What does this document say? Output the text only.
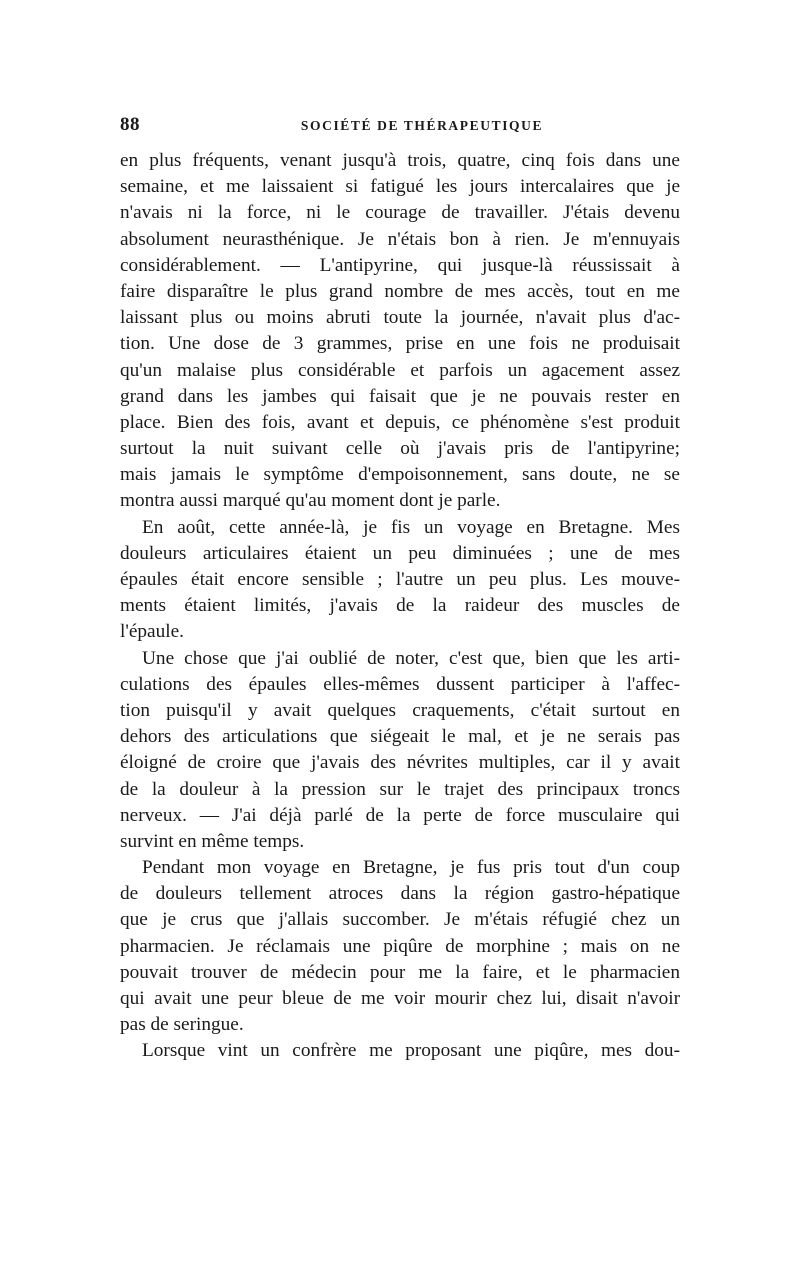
88	SOCIÉTÉ DE THÉRAPEUTIQUE
en plus fréquents, venant jusqu'à trois, quatre, cinq fois dans une
semaine, et me laissaient si fatigué les jours intercalaires que je
n'avais ni la force, ni le courage de travailler. J'étais devenu
absolument neurasthénique. Je n'étais bon à rien. Je m'ennuyais
considérablement. — L'antipyrine, qui jusque-là réussissait à
faire disparaître le plus grand nombre de mes accès, tout en me
laissant plus ou moins abruti toute la journée, n'avait plus d'ac-
tion. Une dose de 3 grammes, prise en une fois ne produisait
qu'un malaise plus considérable et parfois un agacement assez
grand dans les jambes qui faisait que je ne pouvais rester en
place. Bien des fois, avant et depuis, ce phénomène s'est produit
surtout la nuit suivant celle où j'avais pris de l'antipyrine;
mais jamais le symptôme d'empoisonnement, sans doute, ne se
montra aussi marqué qu'au moment dont je parle.
En août, cette année-là, je fis un voyage en Bretagne. Mes
douleurs articulaires étaient un peu diminuées ; une de mes
épaules était encore sensible ; l'autre un peu plus. Les mouve-
ments étaient limités, j'avais de la raideur des muscles de
l'épaule.
Une chose que j'ai oublié de noter, c'est que, bien que les arti-
culations des épaules elles-mêmes dussent participer à l'affec-
tion puisqu'il y avait quelques craquements, c'était surtout en
dehors des articulations que siégeait le mal, et je ne serais pas
éloigné de croire que j'avais des névrites multiples, car il y avait
de la douleur à la pression sur le trajet des principaux troncs
nerveux. — J'ai déjà parlé de la perte de force musculaire qui
survint en même temps.
Pendant mon voyage en Bretagne, je fus pris tout d'un coup
de douleurs tellement atroces dans la région gastro-hépatique
que je crus que j'allais succomber. Je m'étais réfugié chez un
pharmacien. Je réclamais une piqûre de morphine ; mais on ne
pouvait trouver de médecin pour me la faire, et le pharmacien
qui avait une peur bleue de me voir mourir chez lui, disait n'avoir
pas de seringue.
Lorsque vint un confrère me proposant une piqûre, mes dou-
